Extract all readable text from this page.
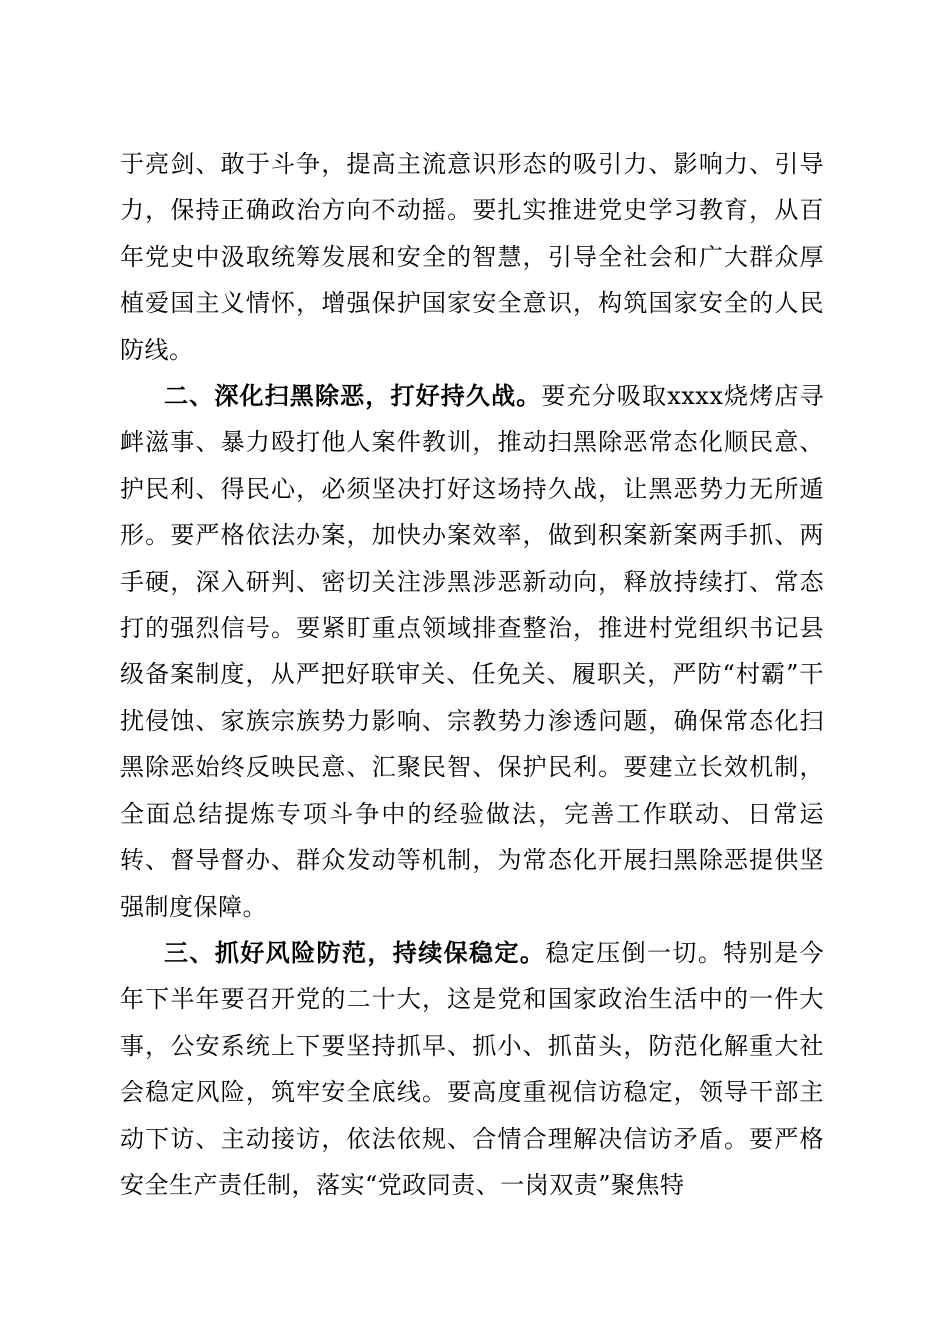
于亮剑、敢于斗争，提高主流意识形态的吸引力、影响力、引导力，保持正确政治方向不动摇。要扎实推进党史学习教育，从百年党史中汲取统筹发展和安全的智慧，引导全社会和广大群众厚植爱国主义情怀，增强保护国家安全意识，构筑国家安全的人民防线。

二、深化扫黑除恶，打好持久战。要充分吸取xxxx烧烤店寻衅滋事、暴力殴打他人案件教训，推动扫黑除恶常态化顺民意、护民利、得民心，必须坚决打好这场持久战，让黑恶势力无所遁形。要严格依法办案，加快办案效率，做到积案新案两手抓、两手硬，深入研判、密切关注涉黑涉恶新动向，释放持续打、常态打的强烈信号。要紧盯重点领域排查整治，推进村党组织书记县级备案制度，从严把好联审关、任免关、履职关，严防“村霸”干扰侵蚀、家族宗族势力影响、宗教势力渗透问题，确保常态化扫黑除恶始终反映民意、汇聚民智、保护民利。要建立长效机制，全面总结提炼专项斗争中的经验做法，完善工作联动、日常运转、督导督办、群众发动等机制，为常态化开展扫黑除恶提供坚强制度保障。

三、抓好风险防范，持续保稳定。稳定压倒一切。特别是今年下半年要召开党的二十大，这是党和国家政治生活中的一件大事，公安系统上下要坚持抓早、抓小、抓苗头，防范化解重大社会稳定风险，筑牢安全底线。要高度重视信访稳定，领导干部主动下访、主动接访，依法依规、合情合理解决信访矛盾。要严格安全生产责任制，落实“党政同责、一岗双责”聚焦特
